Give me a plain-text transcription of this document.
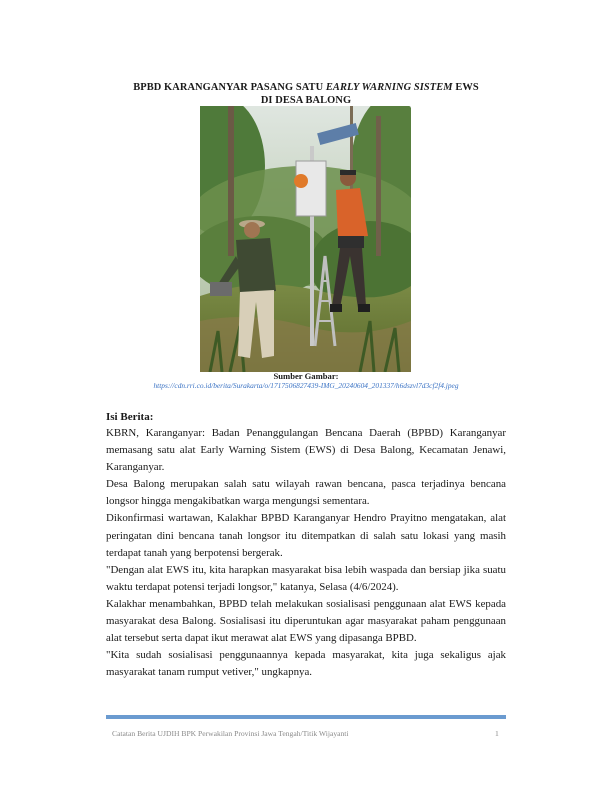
BPBD KARANGANYAR PASANG SATU EARLY WARNING SISTEM EWS
DI DESA BALONG
Sumber Gambar:
https://cdn.rri.co.id/berita/Surakarta/o/1717506827439-IMG_20240604_201337/h6dszvl7d3cf2f4.jpeg
Isi Berita:

KBRN, Karanganyar: Badan Penanggulangan Bencana Daerah (BPBD) Karanganyar memasang satu alat Early Warning Sistem (EWS) di Desa Balong, Kecamatan Jenawi, Karanganyar.

Desa Balong merupakan salah satu wilayah rawan bencana, pasca terjadinya bencana longsor hingga mengakibatkan warga mengungsi sementara.

Dikonfirmasi wartawan, Kalakhar BPBD Karanganyar Hendro Prayitno mengatakan, alat peringatan dini bencana tanah longsor itu ditempatkan di salah satu lokasi yang masih terdapat tanah yang berpotensi bergerak.

"Dengan alat EWS itu, kita harapkan masyarakat bisa lebih waspada dan bersiap jika suatu waktu terdapat potensi terjadi longsor," katanya, Selasa (4/6/2024).

Kalakhar menambahkan, BPBD telah melakukan sosialisasi penggunaan alat EWS kepada masyarakat desa Balong. Sosialisasi itu diperuntukan agar masyarakat paham penggunaan alat tersebut serta dapat ikut merawat alat EWS yang dipasanga BPBD.

"Kita sudah sosialisasi penggunaannya kepada masyarakat, kita juga sekaligus ajak masyarakat tanam rumput vetiver," ungkapnya.

Catatan Berita UJDIH BPK Perwakilan Provinsi Jawa Tengah/Titik Wijayanti	1
